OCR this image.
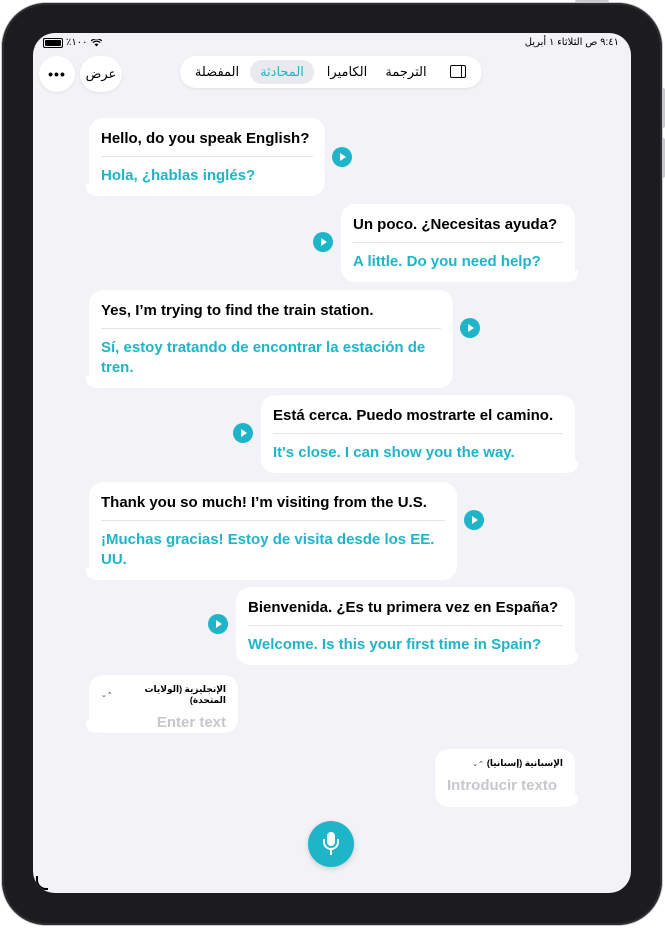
٪١٠٠	٩:٤١ ص الثلاثاء ١ أبريل
•••	عرض	المفضلة	المحادثة	الكاميرا	الترجمة
Hello, do you speak English?
Hola, ¿hablas inglés?
Un poco. ¿Necesitas ayuda?
A little. Do you need help?
Yes, I’m trying to find the train station.
Sí, estoy tratando de encontrar la estación de tren.
Está cerca. Puedo mostrarte el camino.
It's close. I can show you the way.
Thank you so much! I’m visiting from the U.S.
¡Muchas gracias! Estoy de visita desde los EE. UU.
Bienvenida. ¿Es tu primera vez en España?
Welcome. Is this your first time in Spain?
الإنجليزية (الولايات المتحدة)
⌃⌄
Enter text
الإسبانية (إسبانيا)
⌃⌄
Introducir texto
